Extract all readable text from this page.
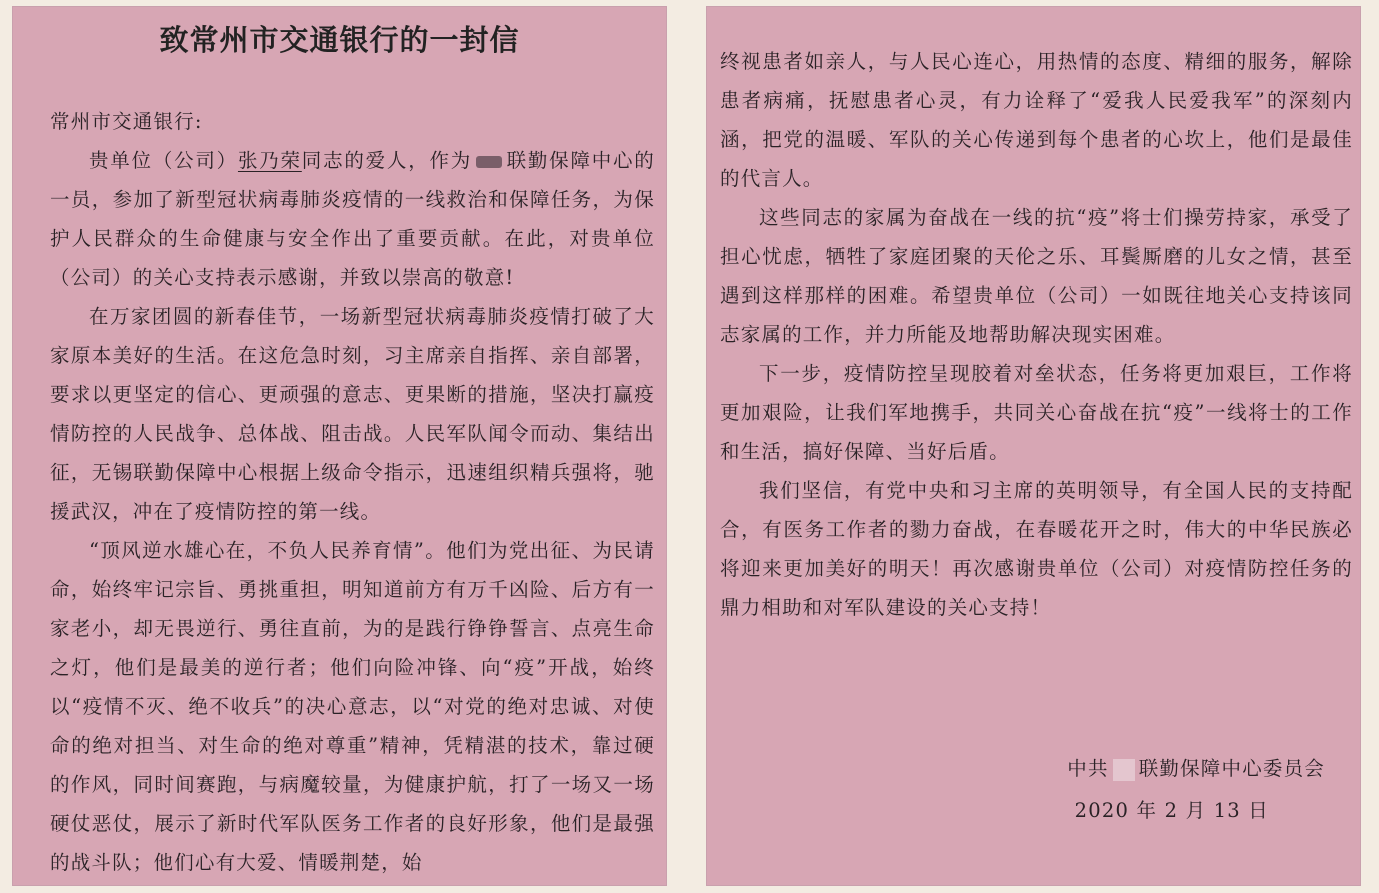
致常州市交通银行的一封信

常州市交通银行:

贵单位（公司）张乃荣同志的爱人，作为 联勤保障中心的一员，参加了新型冠状病毒肺炎疫情的一线救治和保障任务，为保护人民群众的生命健康与安全作出了重要贡献。在此，对贵单位（公司）的关心支持表示感谢，并致以崇高的敬意!

在万家团圆的新春佳节，一场新型冠状病毒肺炎疫情打破了大家原本美好的生活。在这危急时刻，习主席亲自指挥、亲自部署，要求以更坚定的信心、更顽强的意志、更果断的措施，坚决打赢疫情防控的人民战争、总体战、阻击战。人民军队闻令而动、集结出征，无锡联勤保障中心根据上级命令指示，迅速组织精兵强将，驰援武汉，冲在了疫情防控的第一线。

“顶风逆水雄心在，不负人民养育情”。他们为党出征、为民请命，始终牢记宗旨、勇挑重担，明知道前方有万千凶险、后方有一家老小，却无畏逆行、勇往直前，为的是践行铮铮誓言、点亮生命之灯，他们是最美的逆行者；他们向险冲锋、向“疫”开战，始终以“疫情不灭、绝不收兵”的决心意志，以“对党的绝对忠诚、对使命的绝对担当、对生命的绝对尊重”精神，凭精湛的技术，靠过硬的作风，同时间赛跑，与病魔较量，为健康护航，打了一场又一场硬仗恶仗，展示了新时代军队医务工作者的良好形象，他们是最强的战斗队；他们心有大爱、情暖荆楚，始

终视患者如亲人，与人民心连心，用热情的态度、精细的服务，解除患者病痛，抚慰患者心灵，有力诠释了“爱我人民爱我军”的深刻内涵，把党的温暖、军队的关心传递到每个患者的心坎上，他们是最佳的代言人。

这些同志的家属为奋战在一线的抗“疫”将士们操劳持家，承受了担心忧虑，牺牲了家庭团聚的天伦之乐、耳鬓厮磨的儿女之情，甚至遇到这样那样的困难。希望贵单位（公司）一如既往地关心支持该同志家属的工作，并力所能及地帮助解决现实困难。

下一步，疫情防控呈现胶着对垒状态，任务将更加艰巨，工作将更加艰险，让我们军地携手，共同关心奋战在抗“疫”一线将士的工作和生活，搞好保障、当好后盾。

我们坚信，有党中央和习主席的英明领导，有全国人民的支持配合，有医务工作者的勠力奋战，在春暖花开之时，伟大的中华民族必将迎来更加美好的明天！再次感谢贵单位（公司）对疫情防控任务的鼎力相助和对军队建设的关心支持！

中共 联勤保障中心委员会
2020 年 2 月 13 日
